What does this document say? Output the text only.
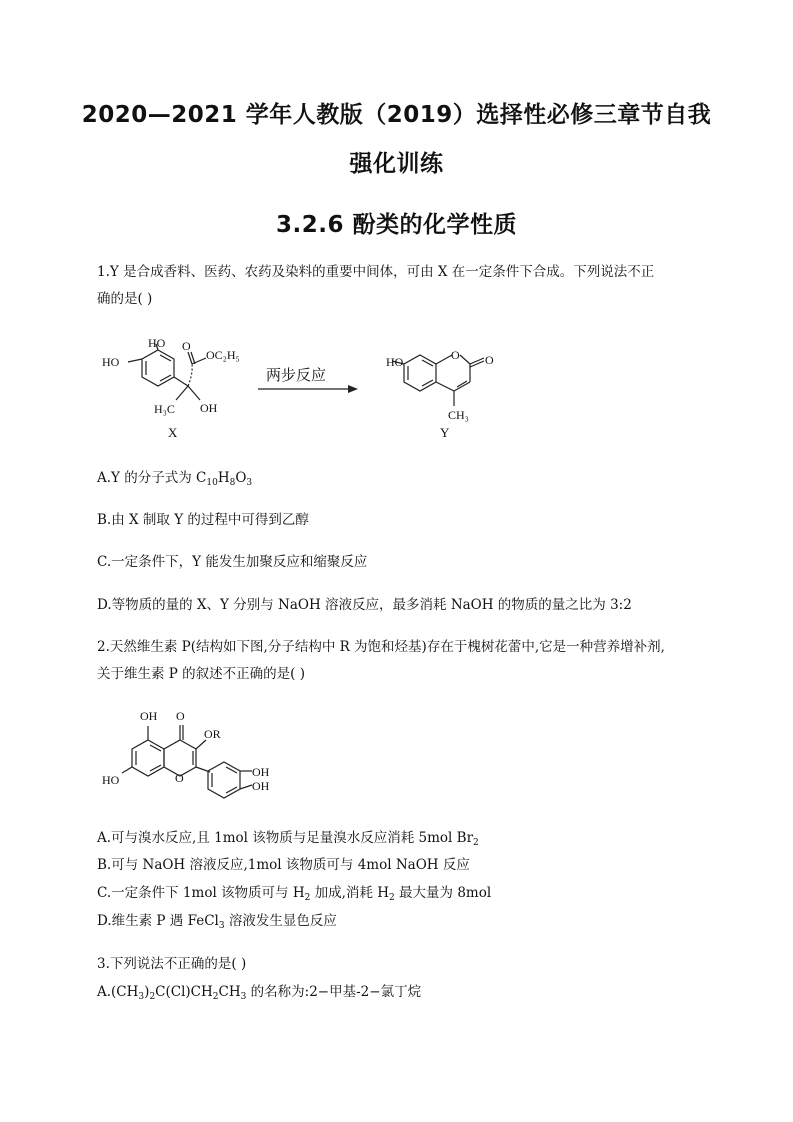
2020—2021 学年人教版（2019）选择性必修三章节自我
强化训练
3.2.6 酚类的化学性质
1.Y 是合成香料、医药、农药及染料的重要中间体，可由 X 在一定条件下合成。下列说法不正
确的是( )
HO
HO O
OC₂H₅
H₃C OH
X
两步反应
HO	O O
CH₃
Y
A.Y 的分子式为 $C_{10}H_8O_3$
B.由 X 制取 Y 的过程中可得到乙醇
C.一定条件下，Y 能发生加聚反应和缩聚反应
D.等物质的量的 X、Y 分别与 NaOH 溶液反应，最多消耗 NaOH 的物质的量之比为 3:2
2.天然维生素 P(结构如下图,分子结构中 R 为饱和烃基)存在于槐树花蕾中,它是一种营养增补剂,
关于维生素 P 的叙述不正确的是( )
OH O
OR
O
HO
OH
OH
A.可与溴水反应,且 1mol 该物质与足量溴水反应消耗 5mol $Br_2$
B.可与 NaOH 溶液反应,1mol 该物质可与 4mol NaOH 反应
C.一定条件下 1mol 该物质可与 $H_2$ 加成,消耗 $H_2$ 最大量为 8mol
D.维生素 P 遇 FeCl$_3$ 溶液发生显色反应
3.下列说法不正确的是( )
$A.(CH_3)_2C(Cl)CH_2CH_3$ 的名称为:2−甲基-2−氯丁烷
